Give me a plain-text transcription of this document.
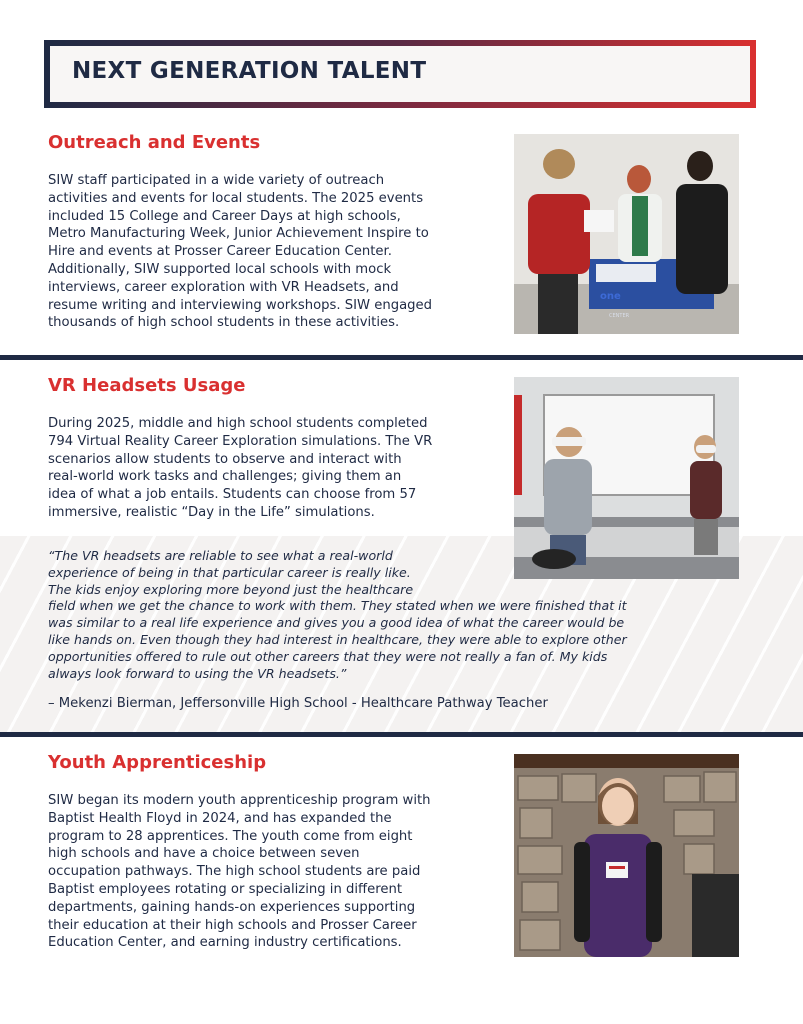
NEXT GENERATION TALENT
Outreach and Events
SIW staff participated in a wide variety of outreach
activities and events for local students. The 2025 events
included 15 College and Career Days at high schools,
Metro Manufacturing Week, Junior Achievement Inspire to
Hire and events at Prosser Career Education Center.
Additionally, SIW supported local schools with mock
interviews, career exploration with VR Headsets, and
resume writing and interviewing workshops. SIW engaged
thousands of high school students in these activities.
one
CENTER
VR Headsets Usage
During 2025, middle and high school students completed
794 Virtual Reality Career Exploration simulations. The VR
scenarios allow students to observe and interact with
real-world work tasks and challenges; giving them an
idea of what a job entails. Students can choose from 57
immersive, realistic “Day in the Life” simulations.
“The VR headsets are reliable to see what a real-world
experience of being in that particular career is really like.
The kids enjoy exploring more beyond just the healthcare
field when we get the chance to work with them. They stated when we were finished that it
was similar to a real life experience and gives you a good idea of what the career would be
like hands on. Even though they had interest in healthcare, they were able to explore other
opportunities offered to rule out other careers that they were not really a fan of. My kids
always look forward to using the VR headsets.”
– Mekenzi Bierman, Jeffersonville High School - Healthcare Pathway Teacher
Youth Apprenticeship
SIW began its modern youth apprenticeship program with
Baptist Health Floyd in 2024, and has expanded the
program to 28 apprentices. The youth come from eight
high schools and have a choice between seven
occupation pathways. The high school students are paid
Baptist employees rotating or specializing in different
departments, gaining hands-on experiences supporting
their education at their high schools and Prosser Career
Education Center, and earning industry certifications.
